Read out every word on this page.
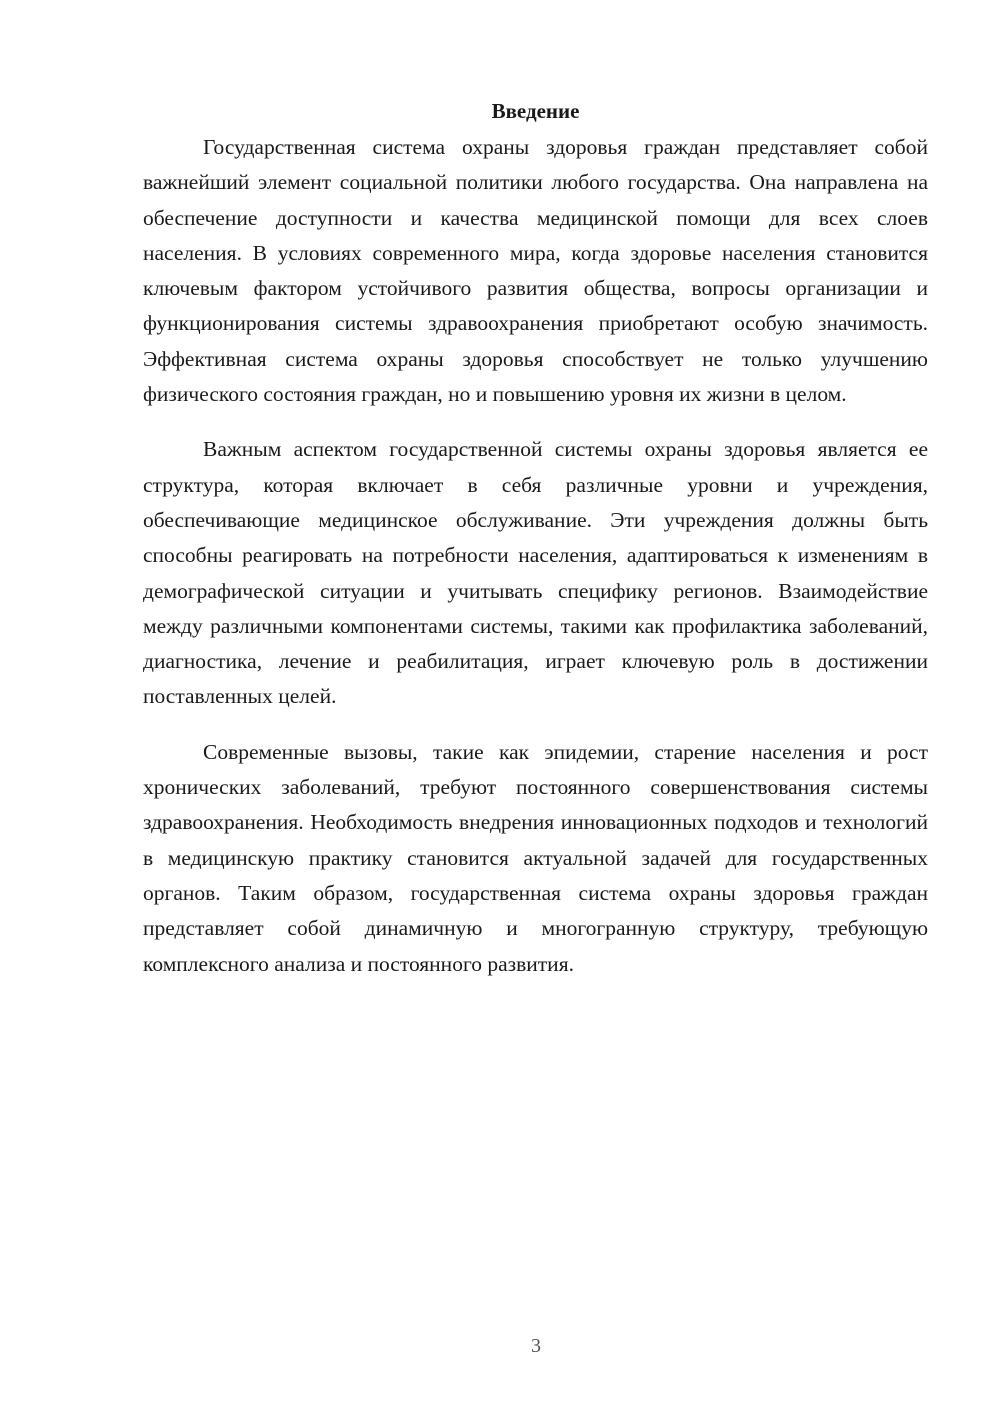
Введение

Государственная система охраны здоровья граждан представляет собой важнейший элемент социальной политики любого государства. Она направлена на обеспечение доступности и качества медицинской помощи для всех слоев населения. В условиях современного мира, когда здоровье населения становится ключевым фактором устойчивого развития общества, вопросы организации и функционирования системы здравоохранения приобретают особую значимость. Эффективная система охраны здоровья способствует не только улучшению физического состояния граждан, но и повышению уровня их жизни в целом.

Важным аспектом государственной системы охраны здоровья является ее структура, которая включает в себя различные уровни и учреждения, обеспечивающие медицинское обслуживание. Эти учреждения должны быть способны реагировать на потребности населения, адаптироваться к изменениям в демографической ситуации и учитывать специфику регионов. Взаимодействие между различными компонентами системы, такими как профилактика заболеваний, диагностика, лечение и реабилитация, играет ключевую роль в достижении поставленных целей.

Современные вызовы, такие как эпидемии, старение населения и рост хронических заболеваний, требуют постоянного совершенствования системы здравоохранения. Необходимость внедрения инновационных подходов и технологий в медицинскую практику становится актуальной задачей для государственных органов. Таким образом, государственная система охраны здоровья граждан представляет собой динамичную и многогранную структуру, требующую комплексного анализа и постоянного развития.

3
